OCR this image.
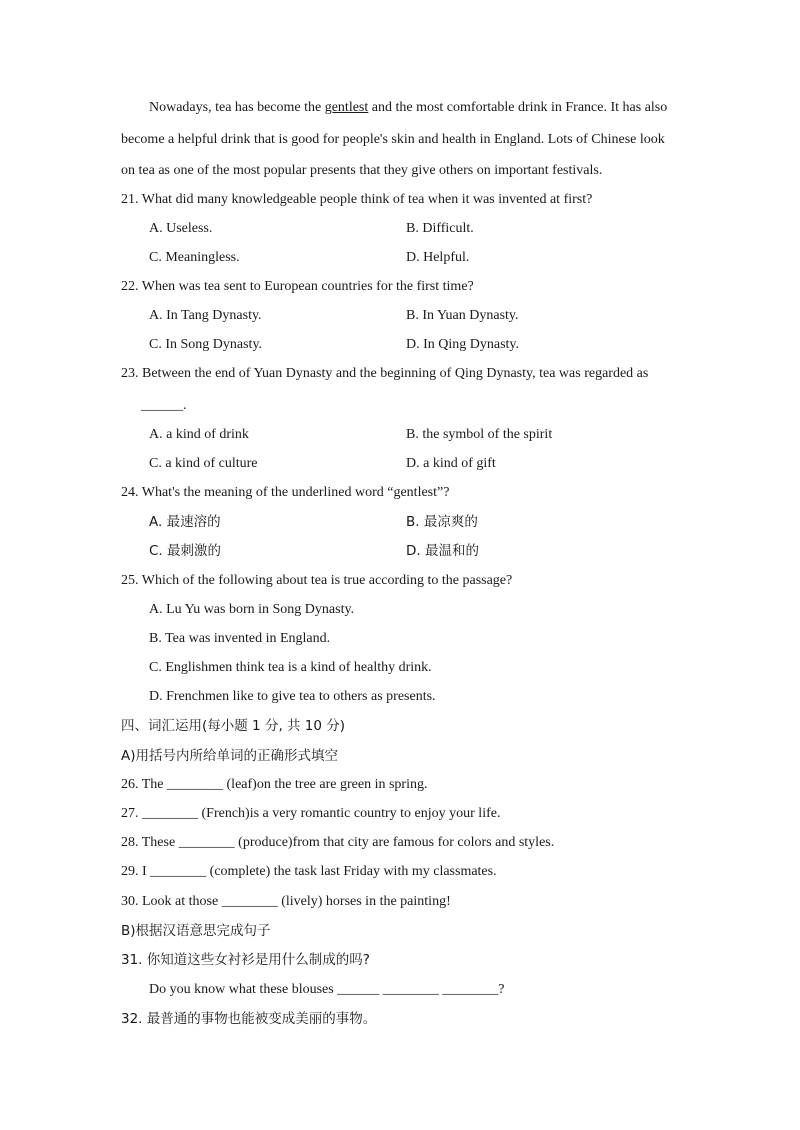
Nowadays, tea has become the gentlest and the most comfortable drink in France. It has also
become a helpful drink that is good for people's skin and health in England. Lots of Chinese look
on tea as one of the most popular presents that they give others on important festivals.
21. What did many knowledgeable people think of tea when it was invented at first?
A. Useless.	B. Difficult.
C. Meaningless.	D. Helpful.
22. When was tea sent to European countries for the first time?
A. In Tang Dynasty.	B. In Yuan Dynasty.
C. In Song Dynasty.	D. In Qing Dynasty.
23. Between the end of Yuan Dynasty and the beginning of Qing Dynasty, tea was regarded as
______.
A. a kind of drink	B. the symbol of the spirit
C. a kind of culture	D. a kind of gift
24. What's the meaning of the underlined word “gentlest”?
A. 最速溶的	B. 最凉爽的
C. 最刺激的	D. 最温和的
25. Which of the following about tea is true according to the passage?
A. Lu Yu was born in Song Dynasty.
B. Tea was invented in England.
C. Englishmen think tea is a kind of healthy drink.
D. Frenchmen like to give tea to others as presents.
四、词汇运用(每小题 1 分, 共 10 分)
A)用括号内所给单词的正确形式填空
26. The ________ (leaf)on the tree are green in spring.
27. ________ (French)is a very romantic country to enjoy your life.
28. These ________ (produce)from that city are famous for colors and styles.
29. I ________ (complete) the task last Friday with my classmates.
30. Look at those ________ (lively) horses in the painting!
B)根据汉语意思完成句子
31. 你知道这些女衬衫是用什么制成的吗?
Do you know what these blouses ______ ________ ________?
32. 最普通的事物也能被变成美丽的事物。
